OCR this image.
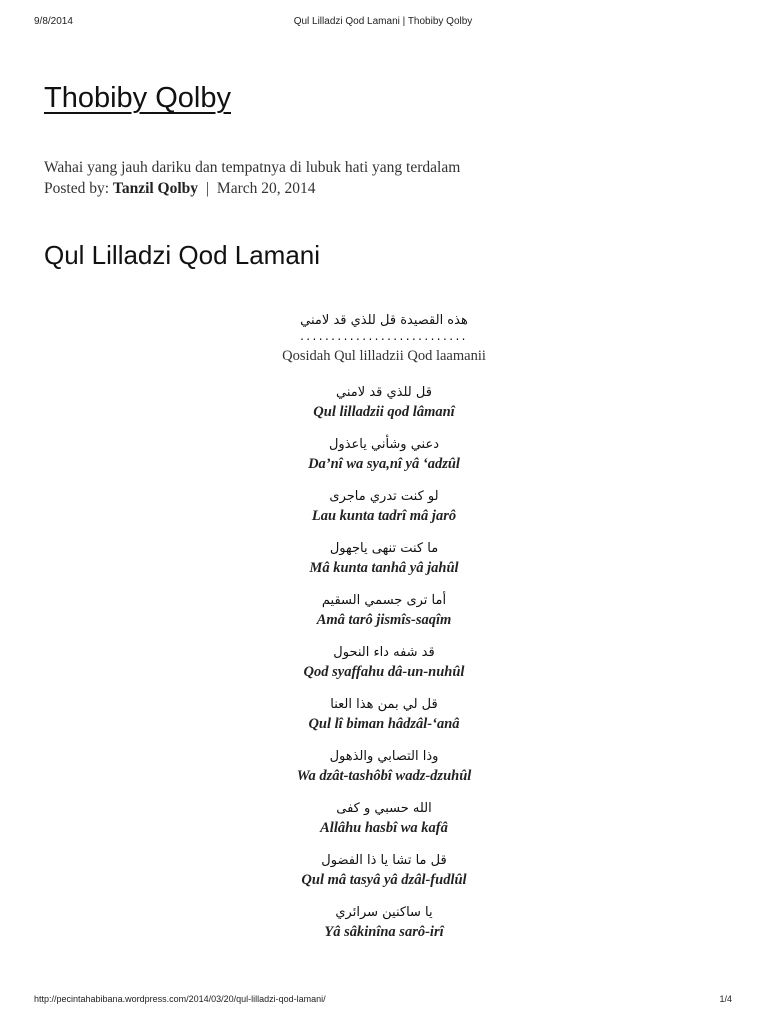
9/8/2014	Qul Lilladzi Qod Lamani | Thobiby Qolby
Thobiby Qolby
Wahai yang jauh dariku dan tempatnya di lubuk hati yang terdalam
Posted by: Tanzil Qolby | March 20, 2014
Qul Lilladzi Qod Lamani
هذه القصيدة قل للذي قد لامني
...........................
Qosidah Qul lilladzii Qod laamanii
قل للذي قد لامني
Qul lilladzii qod lâmanî
دعني وشأني ياعذول
Da’nî wa sya,nî yâ ‘adzûl
لو كنت تدري ماجرى
Lau kunta tadrî mâ jarô
ما كنت تنهى ياجهول
Mâ kunta tanhâ yâ jahûl
أما ترى جسمي السقيم
Amâ tarô jismîs-saqîm
قد شفه داء النحول
Qod syaffahu dâ-un-nuhûl
قل لي بمن هذا العنا
Qul lî biman hâdzâl-‘anâ
وذا التصابي والذهول
Wa dzât-tashôbî wadz-dzuhûl
الله حسبي و كفى
Allâhu hasbî wa kafâ
قل ما تشا يا ذا الفضول
Qul mâ tasyâ yâ dzâl-fudlûl
يا ساكنين سرائري
Yâ sâkinîna sarô-irî
http://pecintahabibana.wordpress.com/2014/03/20/qul-lilladzi-qod-lamani/	1/4
